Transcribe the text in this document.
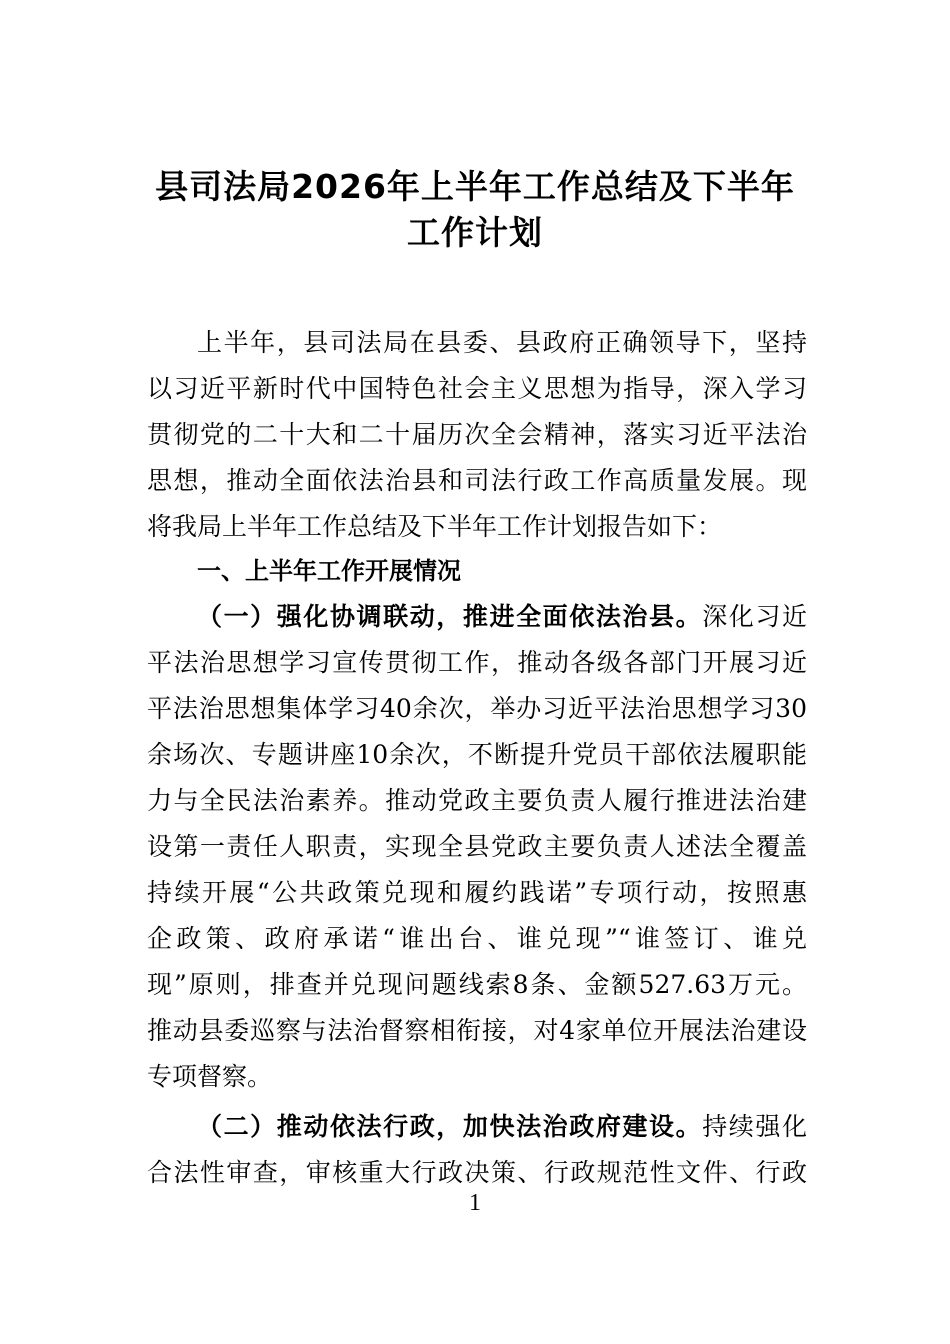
县司法局2026年上半年工作总结及下半年
工作计划

上半年，县司法局在县委、县政府正确领导下，坚持

以习近平新时代中国特色社会主义思想为指导，深入学习

贯彻党的二十大和二十届历次全会精神，落实习近平法治

思想，推动全面依法治县和司法行政工作高质量发展。现

将我局上半年工作总结及下半年工作计划报告如下：

一、上半年工作开展情况

（一）强化协调联动，推进全面依法治县。深化习近

平法治思想学习宣传贯彻工作，推动各级各部门开展习近

平法治思想集体学习40余次，举办习近平法治思想学习30

余场次、专题讲座10余次，不断提升党员干部依法履职能

力与全民法治素养。推动党政主要负责人履行推进法治建

设第一责任人职责，实现全县党政主要负责人述法全覆盖

持续开展“公共政策兑现和履约践诺”专项行动，按照惠

企政策、政府承诺“谁出台、谁兑现”“谁签订、谁兑

现”原则，排查并兑现问题线索8条、金额527.63万元。

推动县委巡察与法治督察相衔接，对4家单位开展法治建设

专项督察。

（二）推动依法行政，加快法治政府建设。持续强化

合法性审查，审核重大行政决策、行政规范性文件、行政

1
